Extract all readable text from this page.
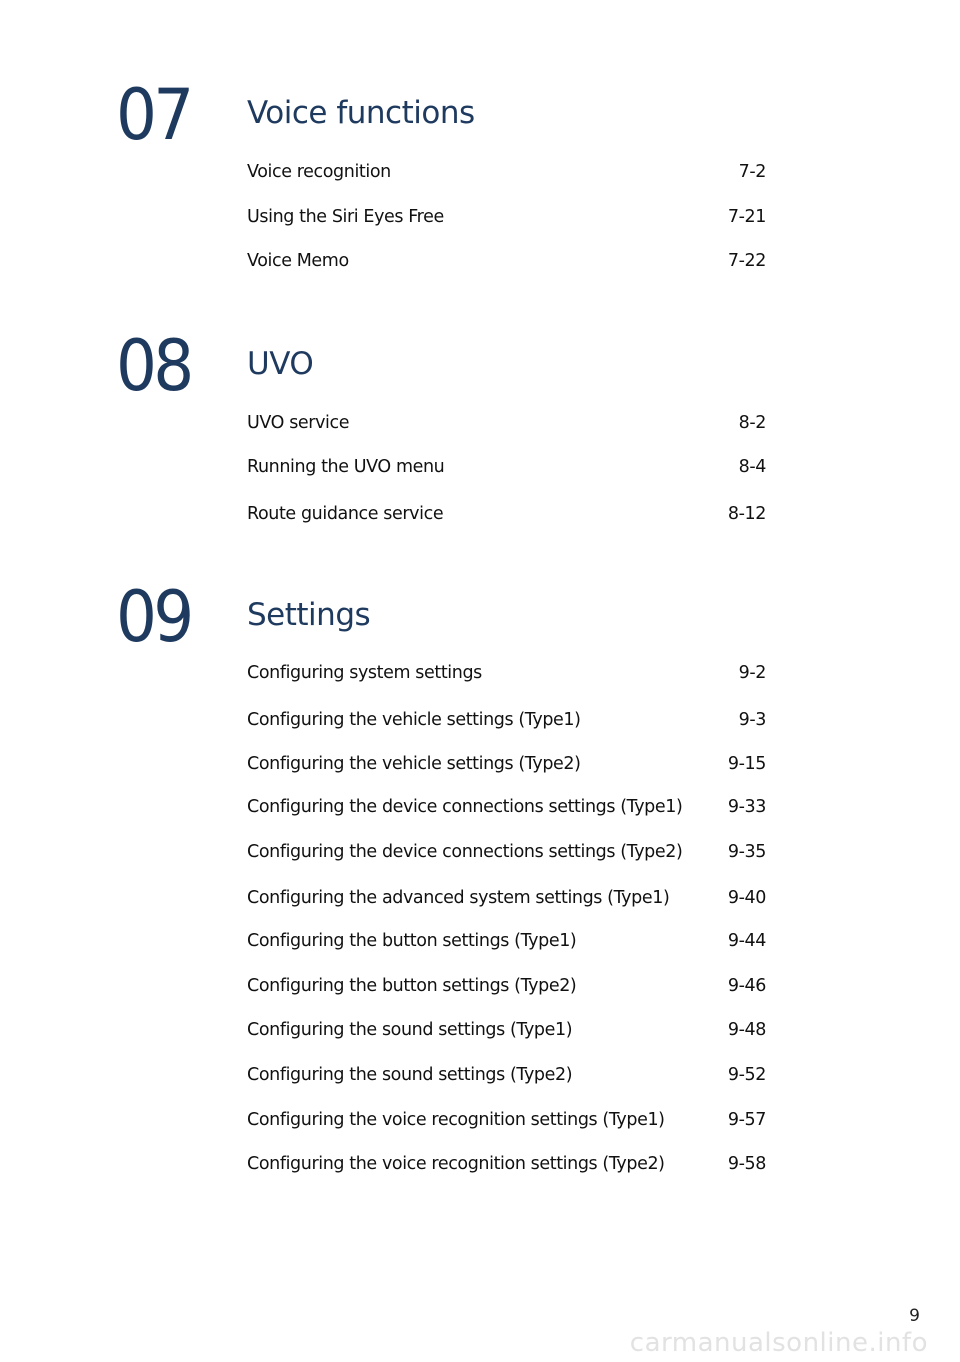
07 Voice functions
Voice recognition	7-2
Using the Siri Eyes Free	7-21
Voice Memo	7-22
08 UVO
UVO service	8-2
Running the UVO menu	8-4
Route guidance service	8-12
09 Settings
Configuring system settings	9-2
Configuring the vehicle settings (Type1)	9-3
Configuring the vehicle settings (Type2)	9-15
Configuring the device connections settings (Type1)	9-33
Configuring the device connections settings (Type2)	9-35
Configuring the advanced system settings (Type1)	9-40
Configuring the button settings (Type1)	9-44
Configuring the button settings (Type2)	9-46
Configuring the sound settings (Type1)	9-48
Configuring the sound settings (Type2)	9-52
Configuring the voice recognition settings (Type1)	9-57
Configuring the voice recognition settings (Type2)	9-58
9
carmanualsonline.info
